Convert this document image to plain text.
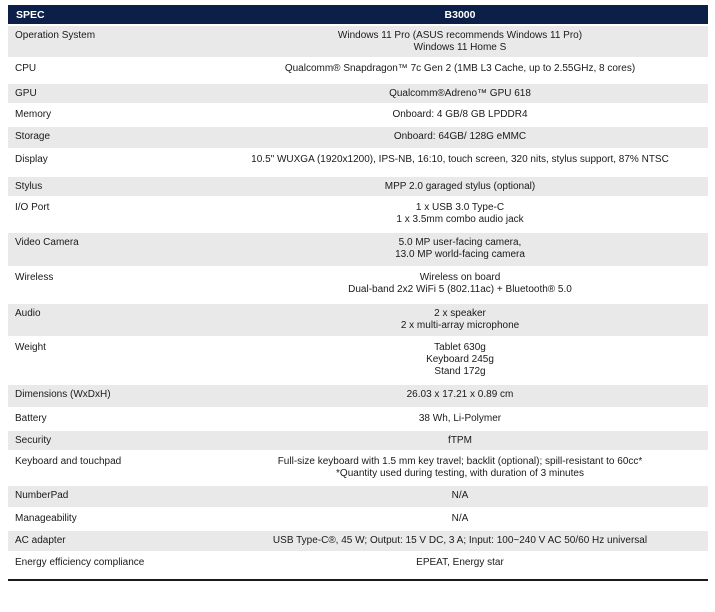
SPEC	B3000
Operation System	Windows 11 Pro (ASUS recommends Windows 11 Pro)
Windows 11 Home S

CPU	Qualcomm® Snapdragon™ 7c Gen 2 (1MB L3 Cache, up to 2.55GHz, 8 cores)

GPU	Qualcomm®Adreno™ GPU 618

Memory	Onboard: 4 GB/8 GB LPDDR4

Storage	Onboard: 64GB/ 128G eMMC

Display	10.5" WUXGA (1920x1200), IPS-NB, 16:10, touch screen, 320 nits, stylus support, 87% NTSC

Stylus	MPP 2.0 garaged stylus (optional)

I/O Port	1 x USB 3.0 Type-C
1 x 3.5mm combo audio jack

Video Camera	5.0 MP user-facing camera,
13.0 MP world-facing camera

Wireless	Wireless on board
Dual-band 2x2 WiFi 5 (802.11ac) + Bluetooth® 5.0

Audio	2 x speaker
2 x multi-array microphone

Weight	Tablet 630g
Keyboard 245g
Stand 172g

Dimensions (WxDxH)	26.03 x 17.21 x 0.89 cm

Battery	38 Wh, Li-Polymer

Security	fTPM

Keyboard and touchpad	Full-size keyboard with 1.5 mm key travel; backlit (optional); spill-resistant to 60cc*
*Quantity used during testing, with duration of 3 minutes

NumberPad	N/A

Manageability	N/A

AC adapter	USB Type-C®, 45 W; Output: 15 V DC, 3 A; Input: 100~240 V AC 50/60 Hz universal

Energy efficiency compliance	EPEAT, Energy star
